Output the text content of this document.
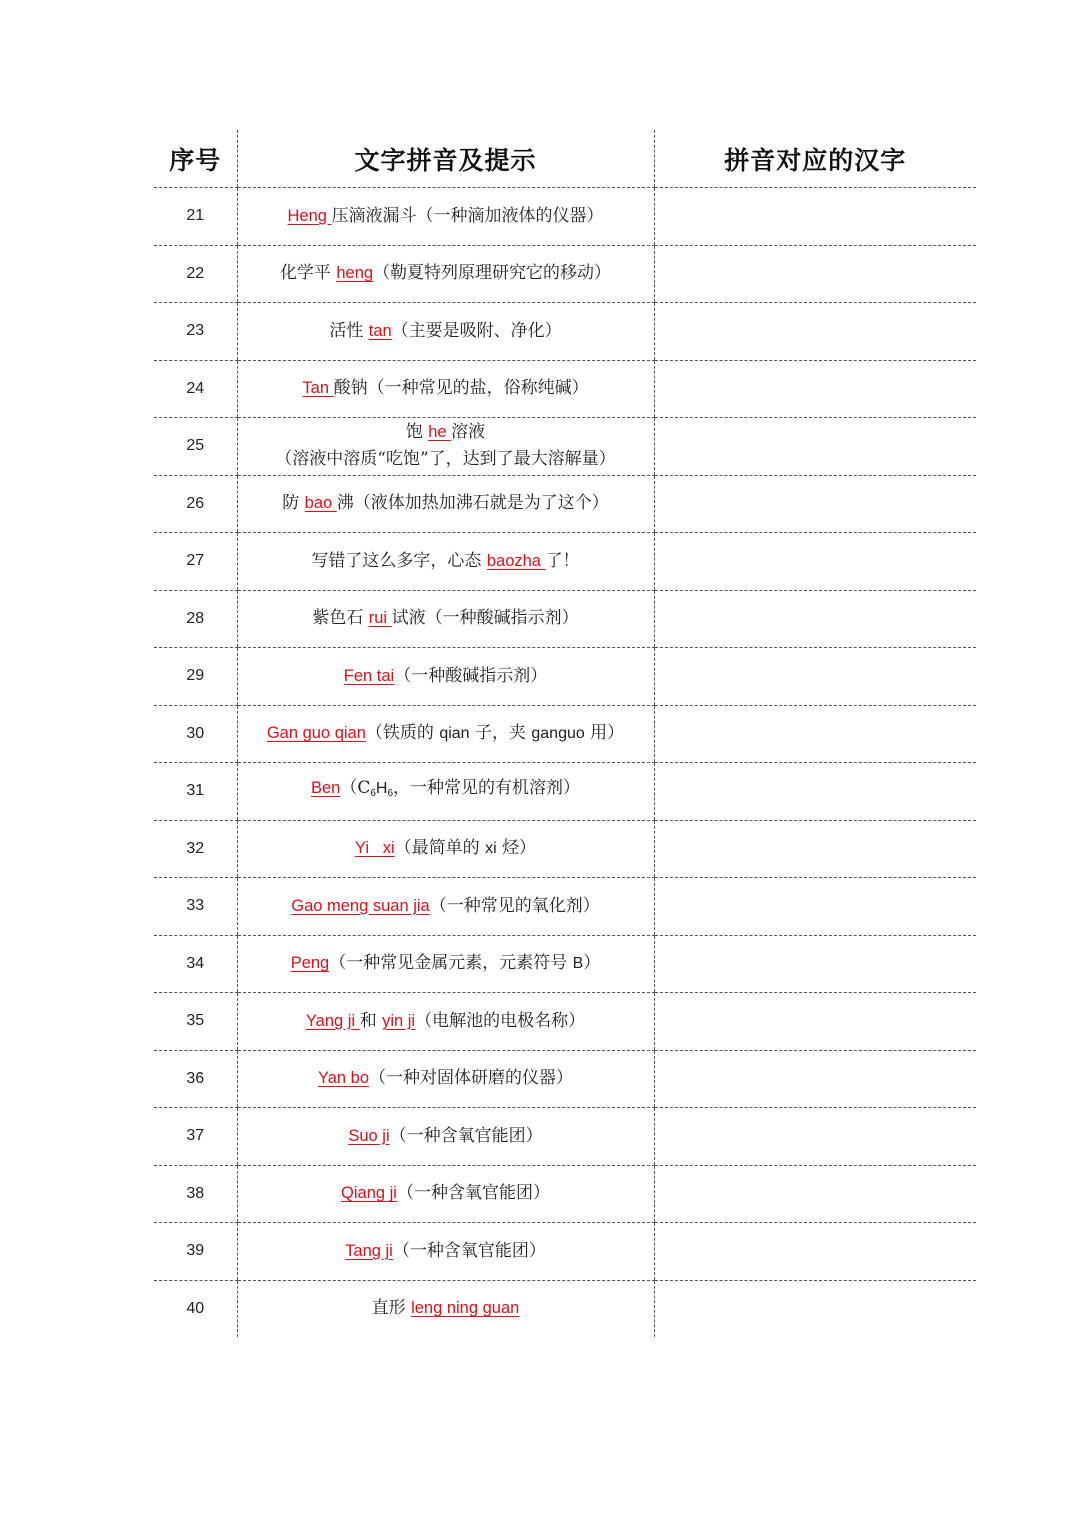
序号	文字拼音及提示	拼音对应的汉字
21	Heng 压滴液漏斗（一种滴加液体的仪器）	
22	化学平 heng（勒夏特列原理研究它的移动）	
23	活性 tan（主要是吸附、净化）	
24	Tan 酸钠（一种常见的盐，俗称纯碱）	
25	饱 he 溶液
（溶液中溶质“吃饱”了，达到了最大溶解量）	
26	防 bao 沸（液体加热加沸石就是为了这个）	
27	写错了这么多字，心态 baozha 了！	
28	紫色石 rui 试液（一种酸碱指示剂）	
29	Fen tai（一种酸碱指示剂）	
30	Gan guo qian（铁质的 qian 子，夹 ganguo 用）	
31	$Ben(C_6H_6$，一种常见的有机溶剂）	
32	Yi   xi（最简单的 xi 烃）	
33	Gao meng suan jia（一种常见的氧化剂）	
34	Peng（一种常见金属元素，元素符号 B）	
35	Yang ji 和 yin ji（电解池的电极名称）	
36	Yan bo（一种对固体研磨的仪器）	
37	Suo ji（一种含氧官能团）	
38	Qiang ji（一种含氧官能团）	
39	Tang ji（一种含氧官能团）	
40	直形 leng ning guan	
